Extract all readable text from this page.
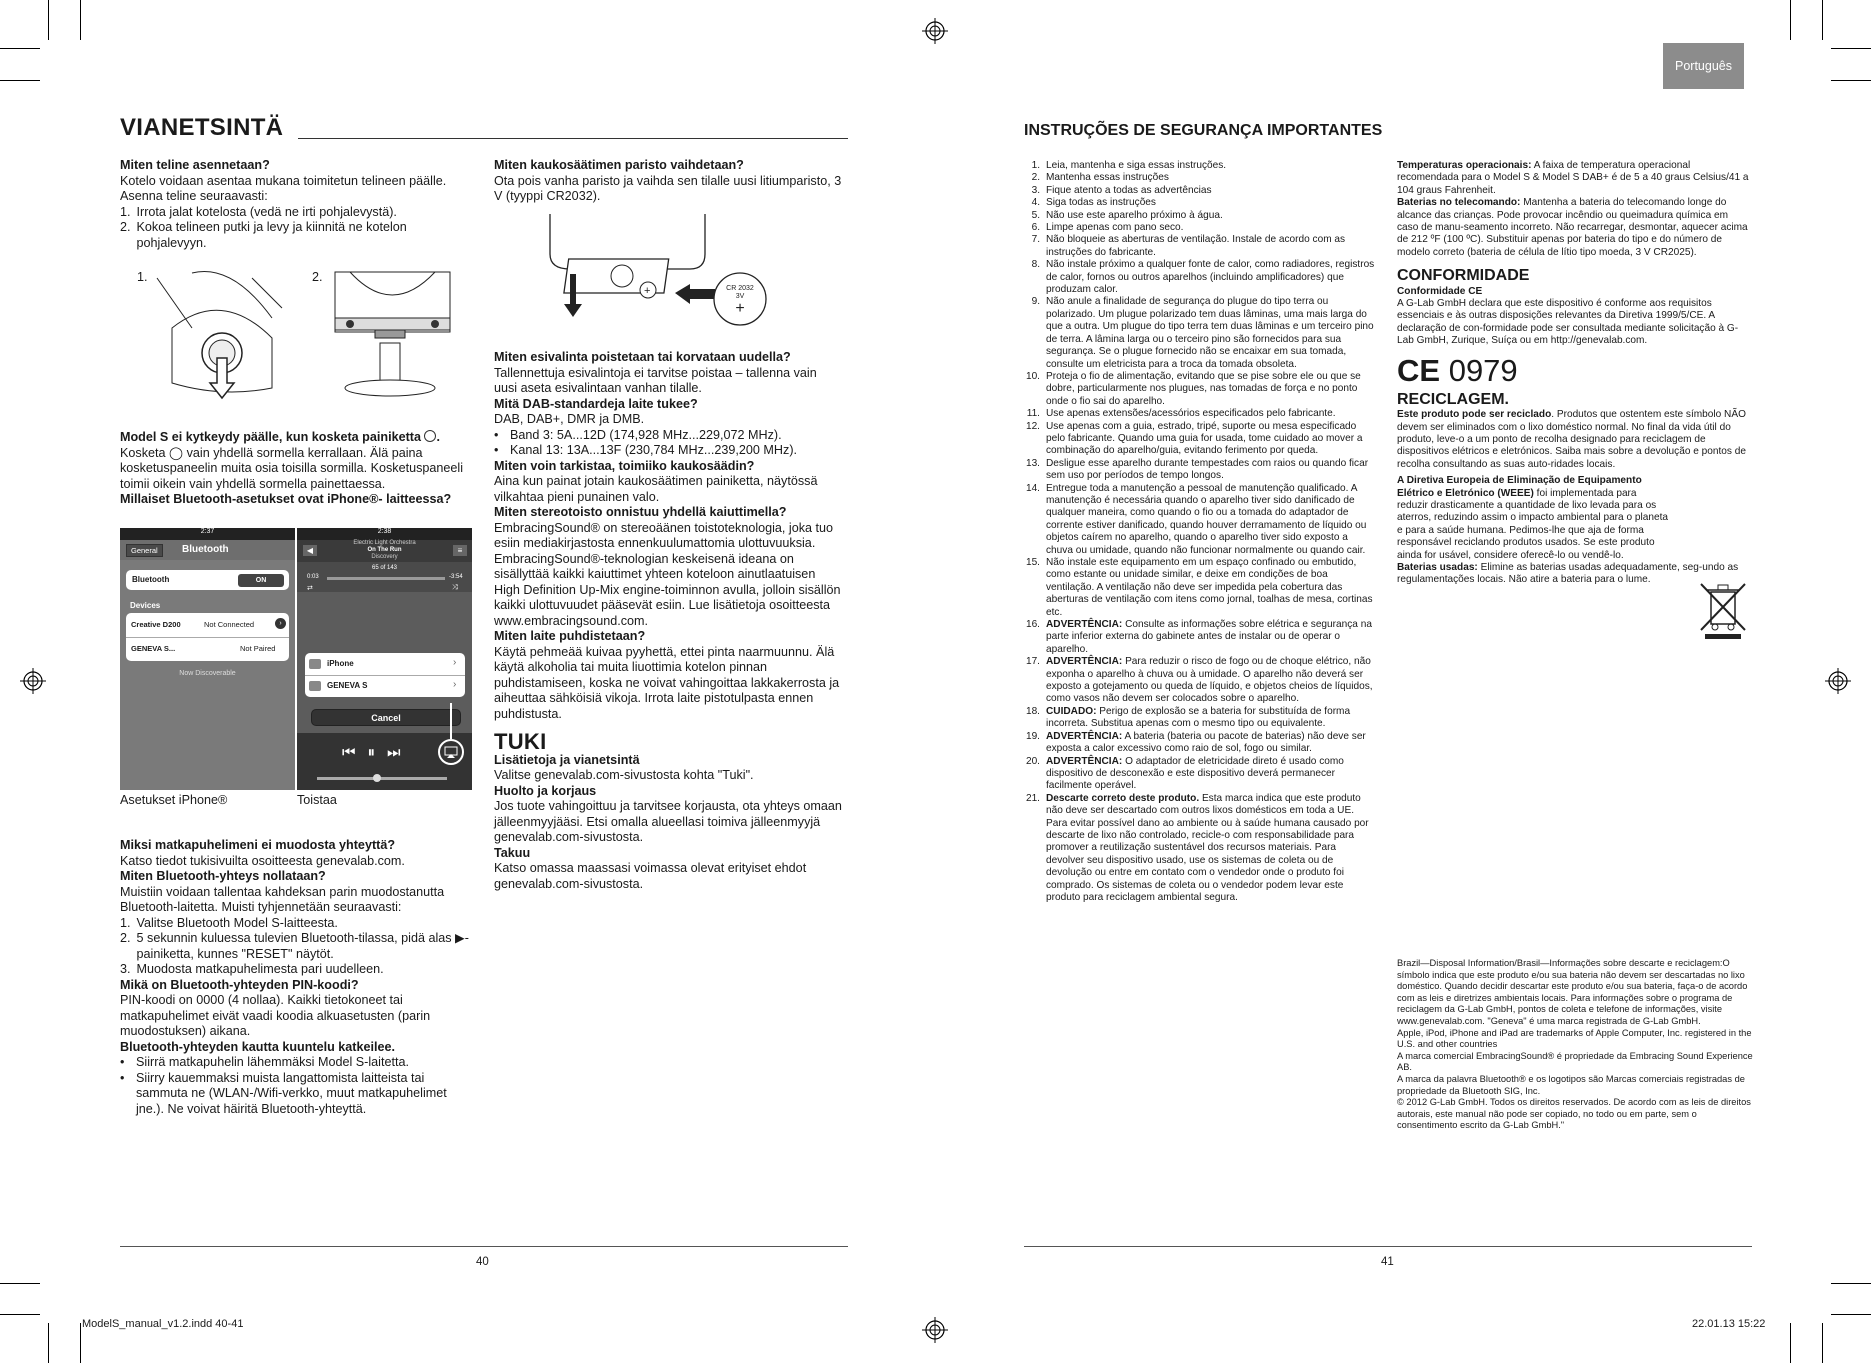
Português
VIANETSINTÄ

Miten teline asennetaan?

Kotelo voidaan asentaa mukana toimitetun telineen päälle. Asenna teline seuraavasti:

1. Irrota jalat kotelosta (vedä ne irti pohjalevystä).
2. Kokoa telineen putki ja levy ja kiinnitä ne kotelon pohjalevyyn.
1.	2.

Model S ei kytkeydy päälle, kun kosketa painiketta .

Kosketa ◯ vain yhdellä sormella kerrallaan. Älä paina kosketuspaneelin muita osia toisilla sormilla. Kosketuspaneeli toimii oikein vain yhdellä sormella painettaessa.

Millaiset Bluetooth-asetukset ovat iPhone®- laitteessa?

2:37
General	Bluetooth
Bluetooth	ON
Devices
Creative D200	Not Connected	›
GENEVA S...	Not Paired
Now Discoverable
2:38
◀
Electric Light Orchestra
On The Run
Discovery
≡
65 of 143
0:03	-3:54
⇄	⤨
iPhone	›
GENEVA S	›
Cancel
⏮⏸⏭
Asetukset iPhone®	Toistaa

Miksi matkapuhelimeni ei muodosta yhteyttä?

Katso tiedot tukisivuilta osoitteesta genevalab.com.

Miten Bluetooth-yhteys nollataan?

Muistiin voidaan tallentaa kahdeksan parin muodostanutta Bluetooth-laitetta. Muisti tyhjennetään seuraavasti:

1. Valitse Bluetooth Model S-laitteesta.
2. 5 sekunnin kuluessa tulevien Bluetooth-tilassa, pidä alas ▶-painiketta, kunnes "RESET" näytöt.
3. Muodosta matkapuhelimesta pari uudelleen.

Mikä on Bluetooth-yhteyden PIN-koodi?

PIN-koodi on 0000 (4 nollaa). Kaikki tietokoneet tai matkapuhelimet eivät vaadi koodia alkuasetusten (parin muodostuksen) aikana.

Bluetooth-yhteyden kautta kuuntelu katkeilee.

• Siirrä matkapuhelin lähemmäksi Model S-laitetta.
• Siirry kauemmaksi muista langattomista laitteista tai sammuta ne (WLAN-/Wifi-verkko, muut matkapuhelimet jne.). Ne voivat häiritä Bluetooth-yhteyttä.

Miten kaukosäätimen paristo vaihdetaan?

Ota pois vanha paristo ja vaihda sen tilalle uusi litiumparisto, 3 V (tyyppi CR2032).

+	CR 2032
3V
+

Miten esivalinta poistetaan tai korvataan uudella?

Tallennettuja esivalintoja ei tarvitse poistaa – tallenna vain uusi aseta esivalintaan vanhan tilalle.

Mitä DAB-standardeja laite tukee?

DAB, DAB+, DMR ja DMB.

• Band 3: 5A...12D (174,928 MHz...229,072 MHz).
• Kanal 13: 13A...13F (230,784 MHz...239,200 MHz).

Miten voin tarkistaa, toimiiko kaukosäädin?

Aina kun painat jotain kaukosäätimen painiketta, näytössä vilkahtaa pieni punainen valo.

Miten stereotoisto onnistuu yhdellä kaiuttimella?

EmbracingSound® on stereoäänen toistoteknologia, joka tuo esiin mediakirjastosta ennenkuulumattomia ulottuvuuksia. EmbracingSound®-teknologian keskeisenä ideana on sisällyttää kaikki kaiuttimet yhteen koteloon ainutlaatuisen High Definition Up-Mix engine-toiminnon avulla, jolloin sisällön kaikki ulottuvuudet pääsevät esiin. Lue lisätietoja osoitteesta www.embracingsound.com.

Miten laite puhdistetaan?

Käytä pehmeää kuivaa pyyhettä, ettei pinta naarmuunnu. Älä käytä alkoholia tai muita liuottimia kotelon pinnan puhdistamiseen, koska ne voivat vahingoittaa lakkakerrosta ja aiheuttaa sähköisiä vikoja. Irrota laite pistotulpasta ennen puhdistusta.

TUKI

Lisätietoja ja vianetsintä

Valitse genevalab.com-sivustosta kohta "Tuki".

Huolto ja korjaus

Jos tuote vahingoittuu ja tarvitsee korjausta, ota yhteys omaan jälleenmyyjääsi. Etsi omalla alueellasi toimiva jälleenmyyjä genevalab.com-sivustosta.

Takuu

Katso omassa maassasi voimassa olevat erityiset ehdot genevalab.com-sivustosta.

40
INSTRUÇÕES DE SEGURANÇA IMPORTANTES
1. Leia, mantenha e siga essas instruções.
2. Mantenha essas instruções
3. Fique atento a todas as advertências
4. Siga todas as instruções
5. Não use este aparelho próximo à água.
6. Limpe apenas com pano seco.
7. Não bloqueie as aberturas de ventilação. Instale de acordo com as instruções do fabricante.
8. Não instale próximo a qualquer fonte de calor, como radiadores, registros de calor, fornos ou outros aparelhos (incluindo amplificadores) que produzam calor.
9. Não anule a finalidade de segurança do plugue do tipo terra ou polarizado. Um plugue polarizado tem duas lâminas, uma mais larga do que a outra. Um plugue do tipo terra tem duas lâminas e um terceiro pino de terra. A lâmina larga ou o terceiro pino são fornecidos para sua segurança. Se o plugue fornecido não se encaixar em sua tomada, consulte um eletricista para a troca da tomada obsoleta.
10. Proteja o fio de alimentação, evitando que se pise sobre ele ou que se dobre, particularmente nos plugues, nas tomadas de força e no ponto onde o fio sai do aparelho.
11. Use apenas extensões/acessórios especificados pelo fabricante.
12. Use apenas com a guia, estrado, tripé, suporte ou mesa especificado pelo fabricante. Quando uma guia for usada, tome cuidado ao mover a combinação do aparelho/guia, evitando ferimento por queda.
13. Desligue esse aparelho durante tempestades com raios ou quando ficar sem uso por períodos de tempo longos.
14. Entregue toda a manutenção a pessoal de manutenção qualificado. A manutenção é necessária quando o aparelho tiver sido danificado de qualquer maneira, como quando o fio ou a tomada do adaptador de corrente estiver danificado, quando houver derramamento de líquido ou objetos caírem no aparelho, quando o aparelho tiver sido exposto a chuva ou umidade, quando não funcionar normalmente ou quando cair.
15. Não instale este equipamento em um espaço confinado ou embutido, como estante ou unidade similar, e deixe em condições de boa ventilação. A ventilação não deve ser impedida pela cobertura das aberturas de ventilação com itens como jornal, toalhas de mesa, cortinas etc.
16. ADVERTÊNCIA: Consulte as informações sobre elétrica e segurança na parte inferior externa do gabinete antes de instalar ou de operar o aparelho.
17. ADVERTÊNCIA: Para reduzir o risco de fogo ou de choque elétrico, não exponha o aparelho à chuva ou à umidade. O aparelho não deverá ser exposto a gotejamento ou queda de líquido, e objetos cheios de líquidos, como vasos não devem ser colocados sobre o aparelho.
18. CUIDADO: Perigo de explosão se a bateria for substituída de forma incorreta. Substitua apenas com o mesmo tipo ou equivalente.
19. ADVERTÊNCIA: A bateria (bateria ou pacote de baterias) não deve ser exposta a calor excessivo como raio de sol, fogo ou similar.
20. ADVERTÊNCIA: O adaptador de eletricidade direto é usado como dispositivo de desconexão e este dispositivo deverá permanecer facilmente operável.
21. Descarte correto deste produto. Esta marca indica que este produto não deve ser descartado com outros lixos domésticos em toda a UE. Para evitar possível dano ao ambiente ou à saúde humana causado por descarte de lixo não controlado, recicle-o com responsabilidade para promover a reutilização sustentável dos recursos materiais. Para devolver seu dispositivo usado, use os sistemas de coleta ou de devolução ou entre em contato com o vendedor onde o produto foi comprado. Os sistemas de coleta ou o vendedor podem levar este produto para reciclagem ambiental segura.

Temperaturas operacionais: A faixa de temperatura operacional recomendada para o Model S & Model S DAB+ é de 5 a 40 graus Celsius/41 a 104 graus Fahrenheit.

Baterias no telecomando: Mantenha a bateria do telecomando longe do alcance das crianças. Pode provocar incêndio ou queimadura química em caso de manu-seamento incorreto. Não recarregar, desmontar, aquecer acima de 212 ºF (100 ºC). Substituir apenas por bateria do tipo e do número de modelo correto (bateria de célula de lítio tipo moeda, 3 V CR2025).

CONFORMIDADE

Conformidade CE

A G-Lab GmbH declara que este dispositivo é conforme aos requisitos essenciais e às outras disposições relevantes da Diretiva 1999/5/CE. A declaração de con-formidade pode ser consultada mediante solicitação à G-Lab GmbH, Zurique, Suíça ou em http://genevalab.com.

CE 0979

RECICLAGEM.

Este produto pode ser reciclado. Produtos que ostentem este símbolo NÃO devem ser eliminados com o lixo doméstico normal. No final da vida útil do produto, leve-o a um ponto de recolha designado para reciclagem de dispositivos elétricos e eletrónicos. Saiba mais sobre a devolução e pontos de recolha consultando as suas auto-ridades locais.

A Diretiva Europeia de Eliminação de Equipamento Elétrico e Eletrónico (WEEE) foi implementada para reduzir drasticamente a quantidade de lixo levada para os aterros, reduzindo assim o impacto ambiental para o planeta e para a saúde humana. Pedimos-lhe que aja de forma responsável reciclando produtos usados. Se este produto ainda for usável, considere oferecê-lo ou vendê-lo.

Baterias usadas: Elimine as baterias usadas adequadamente, seg-undo as regulamentações locais. Não atire a bateria para o lume.

Brazil—Disposal Information/Brasil—Informações sobre descarte e reciclagem:O símbolo indica que este produto e/ou sua bateria não devem ser descartadas no lixo doméstico. Quando decidir descartar este produto e/ou sua bateria, faça-o de acordo com as leis e diretrizes ambientais locais. Para informações sobre o programa de reciclagem da G-Lab GmbH, pontos de coleta e telefone de informações, visite www.genevalab.com. "Geneva" é uma marca registrada de G-Lab GmbH.
Apple, iPod, iPhone and iPad are trademarks of Apple Computer, Inc. registered in the U.S. and other countries
A marca comercial EmbracingSound® é propriedade da Embracing Sound Experience AB.
A marca da palavra Bluetooth® e os logotipos são Marcas comerciais registradas de propriedade da Bluetooth SIG, Inc.
© 2012 G-Lab GmbH. Todos os direitos reservados. De acordo com as leis de direitos autorais, este manual não pode ser copiado, no todo ou em parte, sem o consentimento escrito da G-Lab GmbH."
41
ModelS_manual_v1.2.indd 40-41	22.01.13 15:22
